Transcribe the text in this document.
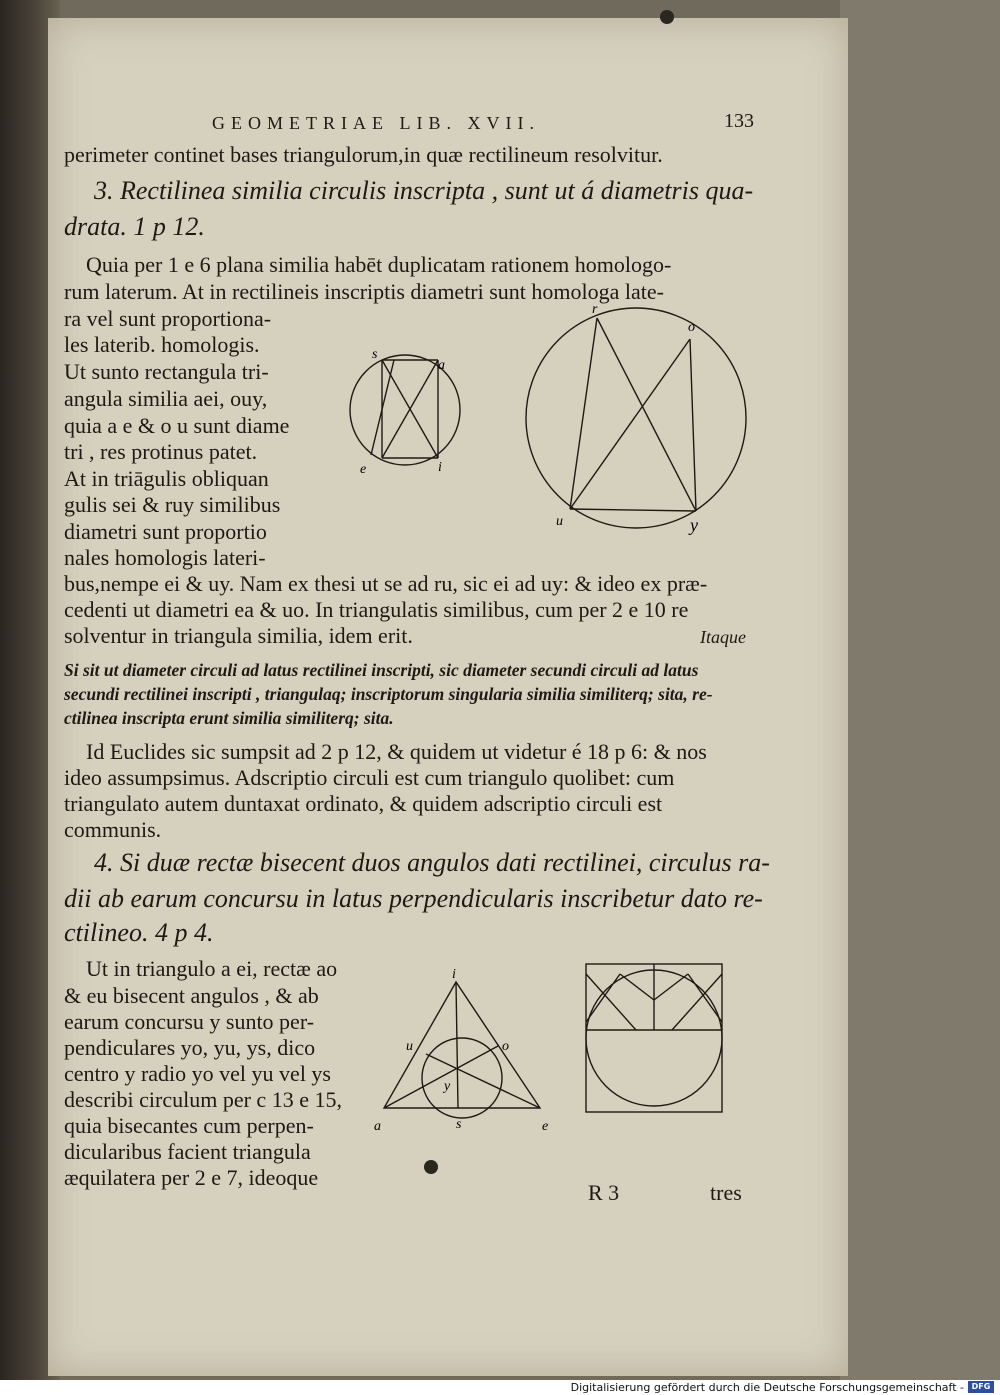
GEOMETRIAE LIB. XVII.	133
perimeter continet bases triangulorum,in quæ rectilineum resolvitur.
3. Rectilinea similia circulis inscripta , sunt ut á diametris qua-
drata. 1 p 12.
Quia per 1 e 6 plana similia habēt duplicatam rationem homologo-
rum laterum. At in rectilineis inscriptis diametri sunt homologa late-
ra vel sunt proportiona-
les laterib. homologis.
Ut sunto rectangula tri-
angula similia aei, ouy,
quia a e & o u sunt diame
tri , res protinus patet.
At in triāgulis obliquan
gulis sei & ruy similibus
diametri sunt proportio
nales homologis lateri-
bus,nempe ei & uy. Nam ex thesi ut se ad ru, sic ei ad uy: & ideo ex præ-
cedenti ut diametri ea & uo. In triangulatis similibus, cum per 2 e 10 re
solventur in triangula similia, idem erit.	Itaque
Si sit ut diameter circuli ad latus rectilinei inscripti, sic diameter secundi circuli ad latus
secundi rectilinei inscripti , triangulaq; inscriptorum singularia similia similiterq; sita, re-
ctilinea inscripta erunt similia similiterq; sita.
Id Euclides sic sumpsit ad 2 p 12, & quidem ut videtur é 18 p 6: & nos
ideo assumpsimus. Adscriptio circuli est cum triangulo quolibet: cum
triangulato autem duntaxat ordinato, & quidem adscriptio circuli est
communis.
4. Si duæ rectæ bisecent duos angulos dati rectilinei, circulus ra-
dii ab earum concursu in latus perpendicularis inscribetur dato re-
ctilineo. 4 p 4.
Ut in triangulo a ei, rectæ ao
& eu bisecent angulos , & ab
earum concursu y sunto per-
pendiculares yo, yu, ys, dico
centro y radio yo vel yu vel ys
describi circulum per c 13 e 15,
quia bisecantes cum perpen-
dicularibus facient triangula
æquilatera per 2 e 7, ideoque
R 3	tres
s
a
e	i
r
o
u	y
i
u	o
y
a	s	e
Digitalisierung gefördert durch die Deutsche Forschungsgemeinschaft - DFG
